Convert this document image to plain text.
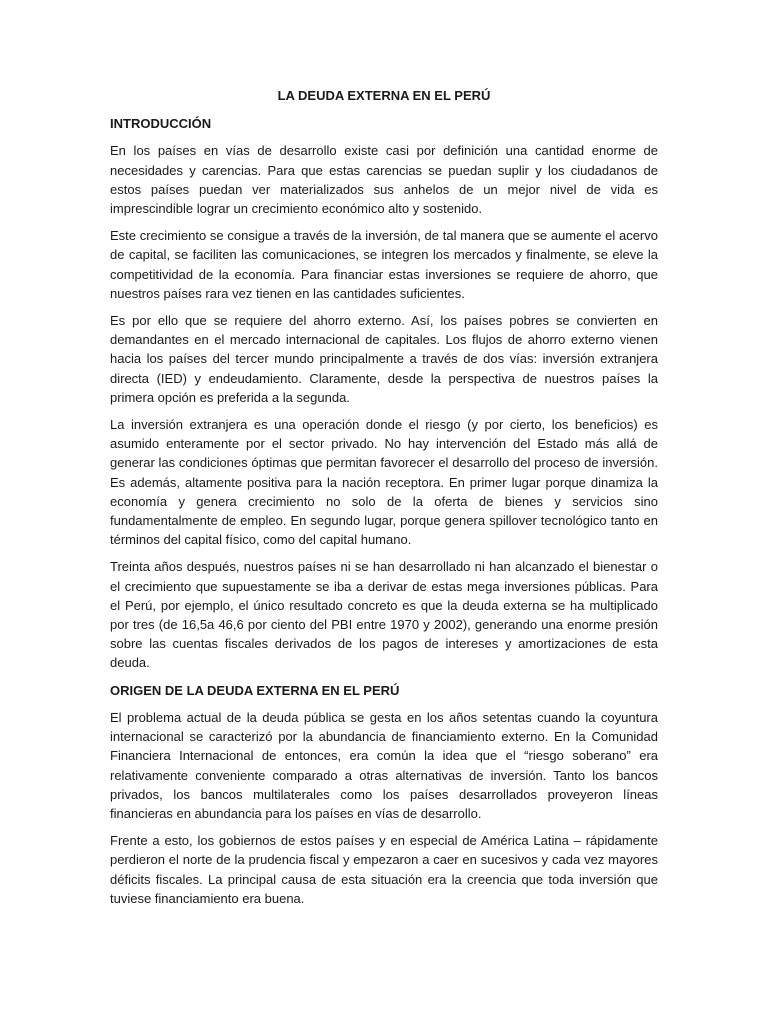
LA DEUDA EXTERNA EN EL PERÚ
INTRODUCCIÓN

En los países en vías de desarrollo existe casi por definición una cantidad enorme de necesidades y carencias. Para que estas carencias se puedan suplir y los ciudadanos de estos países puedan ver materializados sus anhelos de un mejor nivel de vida es imprescindible lograr un crecimiento económico alto y sostenido.

Este crecimiento se consigue a través de la inversión, de tal manera que se aumente el acervo de capital, se faciliten las comunicaciones, se integren los mercados y finalmente, se eleve la competitividad de la economía. Para financiar estas inversiones se requiere de ahorro, que nuestros países rara vez tienen en las cantidades suficientes.

Es por ello que se requiere del ahorro externo. Así, los países pobres se convierten en demandantes en el mercado internacional de capitales. Los flujos de ahorro externo vienen hacia los países del tercer mundo principalmente a través de dos vías: inversión extranjera directa (IED) y endeudamiento. Claramente, desde la perspectiva de nuestros países la primera opción es preferida a la segunda.

La inversión extranjera es una operación donde el riesgo (y por cierto, los beneficios) es asumido enteramente por el sector privado. No hay intervención del Estado más allá de generar las condiciones óptimas que permitan favorecer el desarrollo del proceso de inversión. Es además, altamente positiva para la nación receptora. En primer lugar porque dinamiza la economía y genera crecimiento no solo de la oferta de bienes y servicios sino fundamentalmente de empleo. En segundo lugar, porque genera spillover tecnológico tanto en términos del capital físico, como del capital humano.

Treinta años después, nuestros países ni se han desarrollado ni han alcanzado el bienestar o el crecimiento que supuestamente se iba a derivar de estas mega inversiones públicas. Para el Perú, por ejemplo, el único resultado concreto es que la deuda externa se ha multiplicado por tres (de 16,5a 46,6 por ciento del PBI entre 1970 y 2002), generando una enorme presión sobre las cuentas fiscales derivados de los pagos de intereses y amortizaciones de esta deuda.

ORIGEN DE LA DEUDA EXTERNA EN EL PERÚ

El problema actual de la deuda pública se gesta en los años setentas cuando la coyuntura internacional se caracterizó por la abundancia de financiamiento externo. En la Comunidad Financiera Internacional de entonces, era común la idea que el “riesgo soberano” era relativamente conveniente comparado a otras alternativas de inversión. Tanto los bancos privados, los bancos multilaterales como los países desarrollados proveyeron líneas financieras en abundancia para los países en vías de desarrollo.

Frente a esto, los gobiernos de estos países y en especial de América Latina – rápidamente perdieron el norte de la prudencia fiscal y empezaron a caer en sucesivos y cada vez mayores déficits fiscales. La principal causa de esta situación era la creencia que toda inversión que tuviese financiamiento era buena.
